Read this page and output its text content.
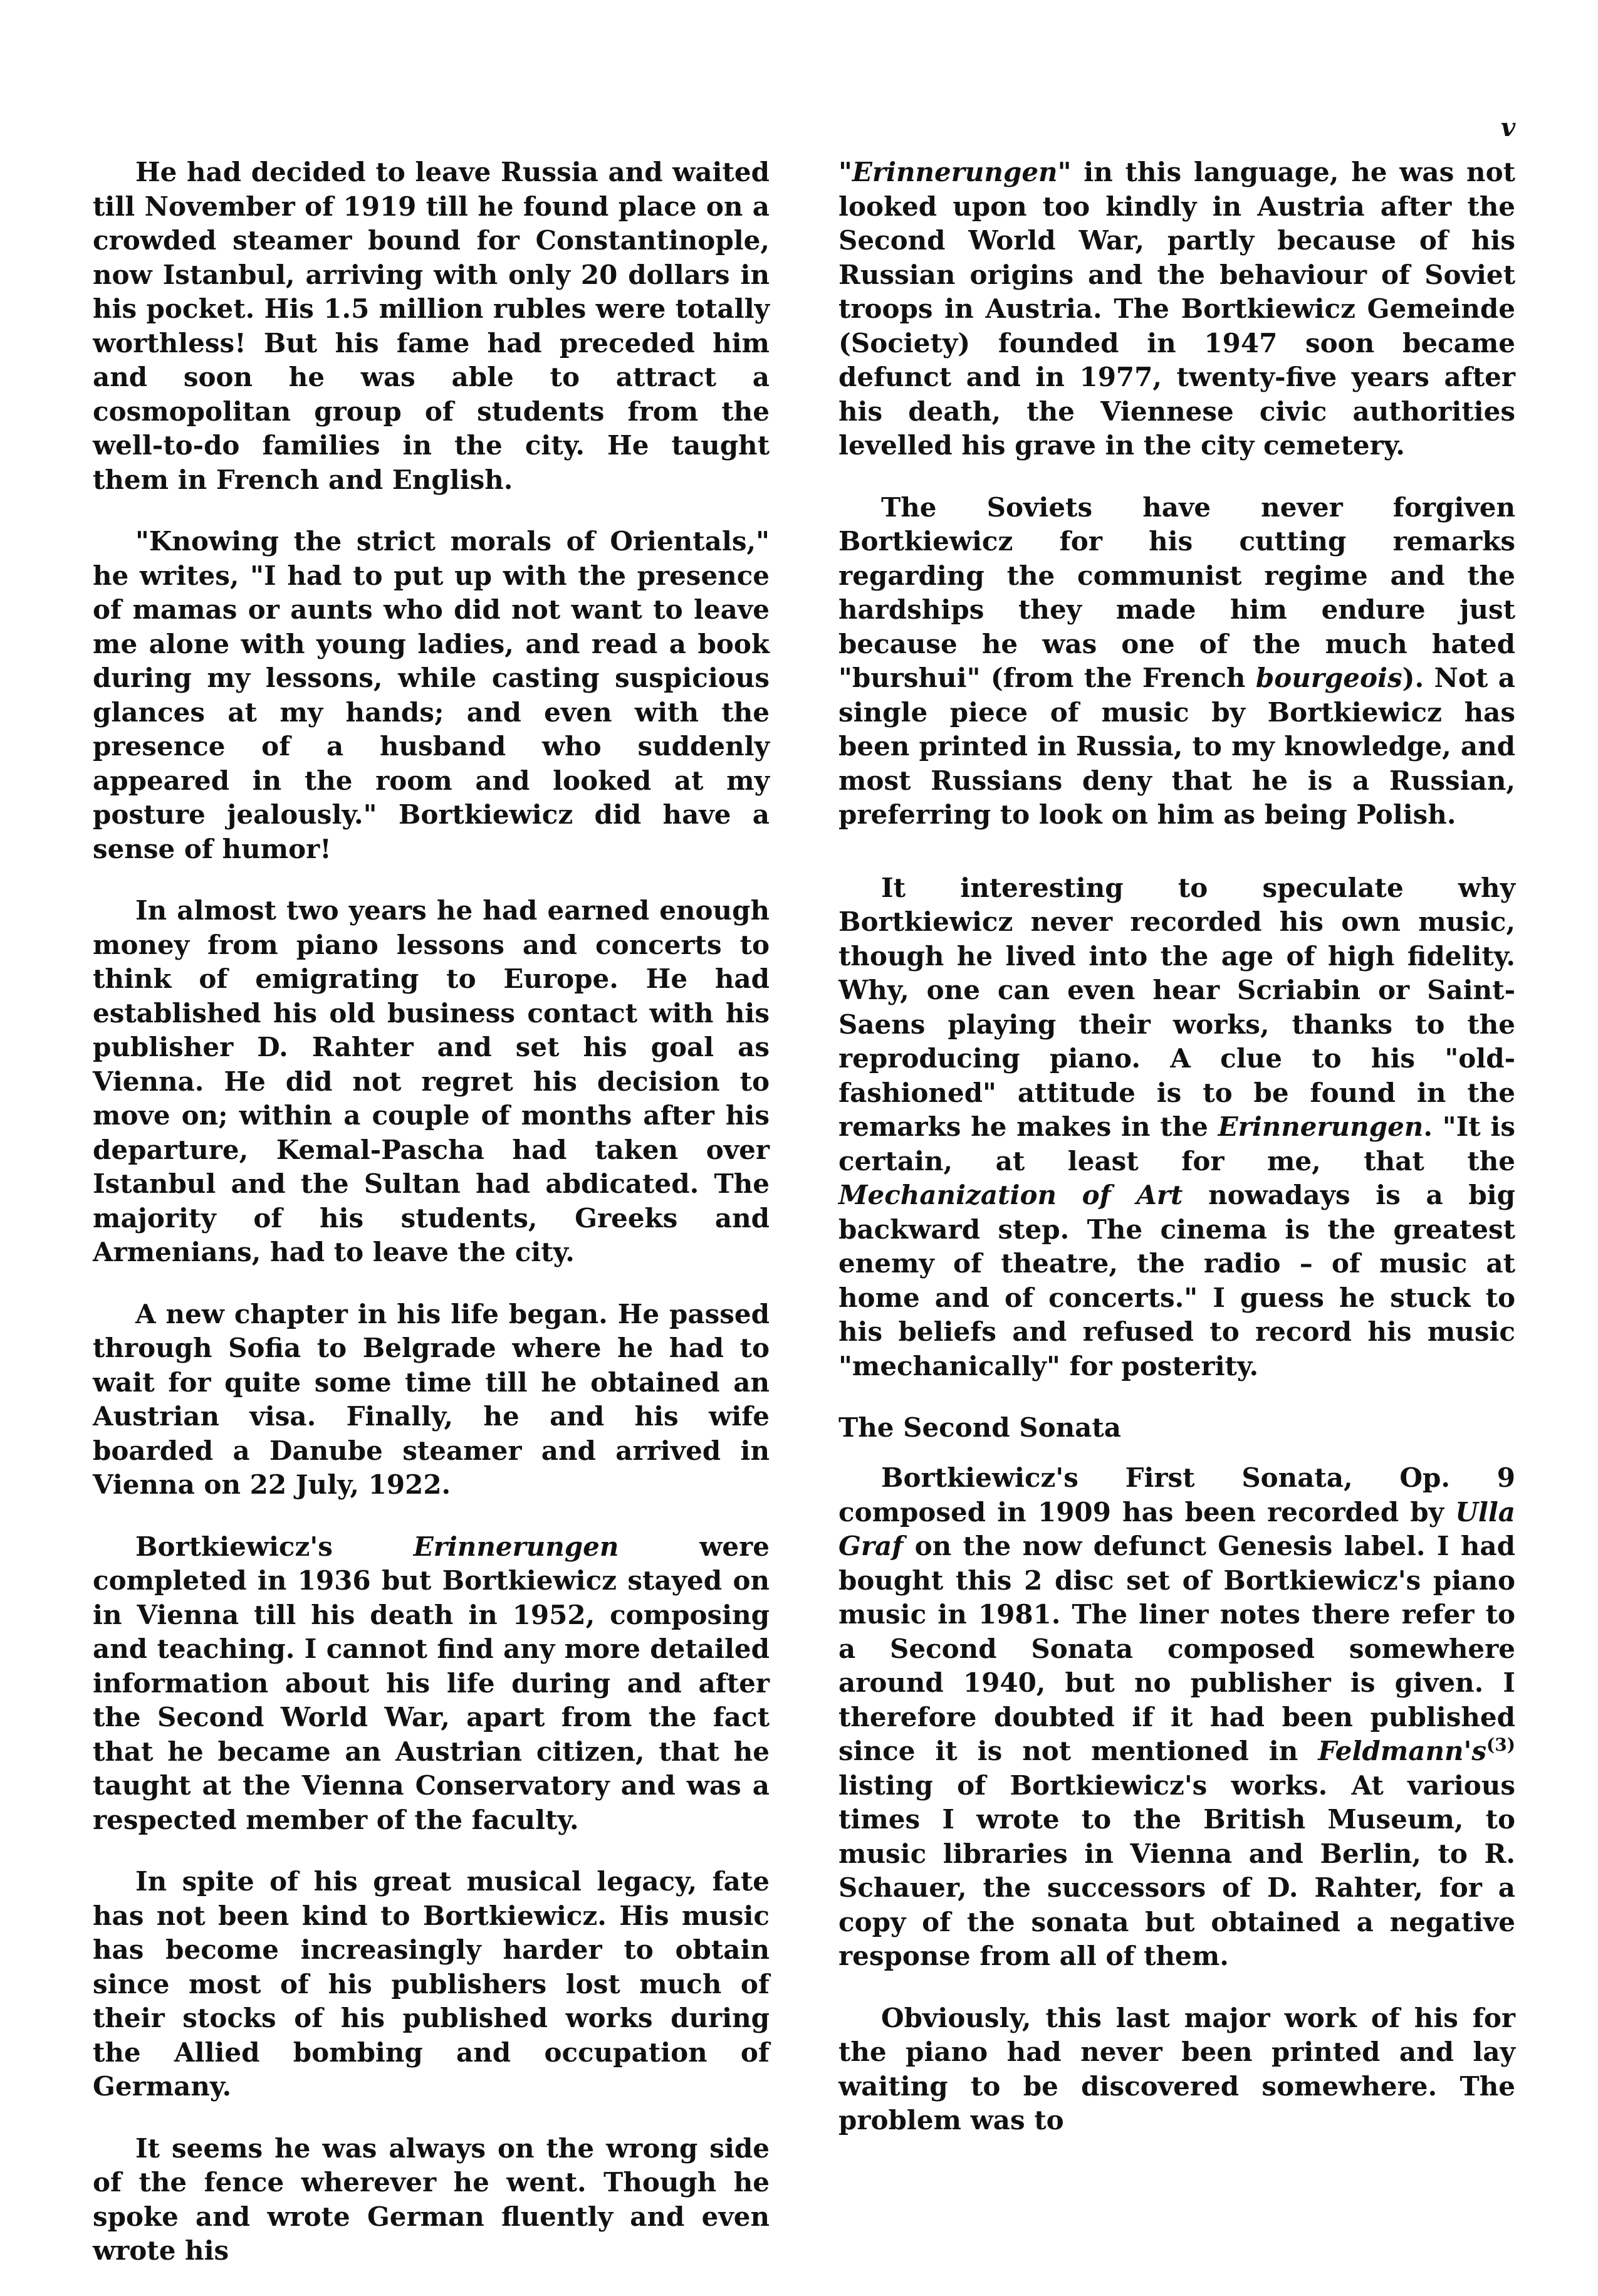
v

He had decided to leave Russia and waited till November of 1919 till he found place on a crowded steamer bound for Constantinople, now Istanbul, arriving with only 20 dollars in his pocket. His 1.5 million rubles were totally worthless! But his fame had preceded him and soon he was able to attract a cosmopolitan group of students from the well-to-do families in the city. He taught them in French and English.

"Knowing the strict morals of Orientals," he writes, "I had to put up with the presence of mamas or aunts who did not want to leave me alone with young ladies, and read a book during my lessons, while casting suspicious glances at my hands; and even with the presence of a husband who suddenly appeared in the room and looked at my posture jealously." Bortkiewicz did have a sense of humor!

In almost two years he had earned enough money from piano lessons and concerts to think of emigrating to Europe. He had established his old business contact with his publisher D. Rahter and set his goal as Vienna. He did not regret his decision to move on; within a couple of months after his departure, Kemal-Pascha had taken over Istanbul and the Sultan had abdicated. The majority of his students, Greeks and Armenians, had to leave the city.

A new chapter in his life began. He passed through Sofia to Belgrade where he had to wait for quite some time till he obtained an Austrian visa. Finally, he and his wife boarded a Danube steamer and arrived in Vienna on 22 July, 1922.

Bortkiewicz's Erinnerungen were completed in 1936 but Bortkiewicz stayed on in Vienna till his death in 1952, composing and teaching. I cannot find any more detailed information about his life during and after the Second World War, apart from the fact that he became an Austrian citizen, that he taught at the Vienna Conservatory and was a respected member of the faculty.

In spite of his great musical legacy, fate has not been kind to Bortkiewicz. His music has become increasingly harder to obtain since most of his publishers lost much of their stocks of his published works during the Allied bombing and occupation of Germany.

It seems he was always on the wrong side of the fence wherever he went. Though he spoke and wrote German fluently and even wrote his

"Erinnerungen" in this language, he was not looked upon too kindly in Austria after the Second World War, partly because of his Russian origins and the behaviour of Soviet troops in Austria. The Bortkiewicz Gemeinde (Society) founded in 1947 soon became defunct and in 1977, twenty-five years after his death, the Viennese civic authorities levelled his grave in the city cemetery.

The Soviets have never forgiven Bortkiewicz for his cutting remarks regarding the communist regime and the hardships they made him endure just because he was one of the much hated "burshui" (from the French bourgeois). Not a single piece of music by Bortkiewicz has been printed in Russia, to my knowledge, and most Russians deny that he is a Russian, preferring to look on him as being Polish.

It interesting to speculate why Bortkiewicz never recorded his own music, though he lived into the age of high fidelity. Why, one can even hear Scriabin or Saint-Saens playing their works, thanks to the reproducing piano. A clue to his "old-fashioned" attitude is to be found in the remarks he makes in the Erinnerungen. "It is certain, at least for me, that the Mechanization of Art nowadays is a big backward step. The cinema is the greatest enemy of theatre, the radio – of music at home and of concerts." I guess he stuck to his beliefs and refused to record his music "mechanically" for posterity.

The Second Sonata

Bortkiewicz's First Sonata, Op. 9 composed in 1909 has been recorded by Ulla Graf on the now defunct Genesis label. I had bought this 2 disc set of Bortkiewicz's piano music in 1981. The liner notes there refer to a Second Sonata composed somewhere around 1940, but no publisher is given. I therefore doubted if it had been published since it is not mentioned in $Feldmann's^{(3)}$ listing of Bortkiewicz's works. At various times I wrote to the British Museum, to music libraries in Vienna and Berlin, to R. Schauer, the successors of D. Rahter, for a copy of the sonata but obtained a negative response from all of them.

Obviously, this last major work of his for the piano had never been printed and lay waiting to be discovered somewhere. The problem was to
